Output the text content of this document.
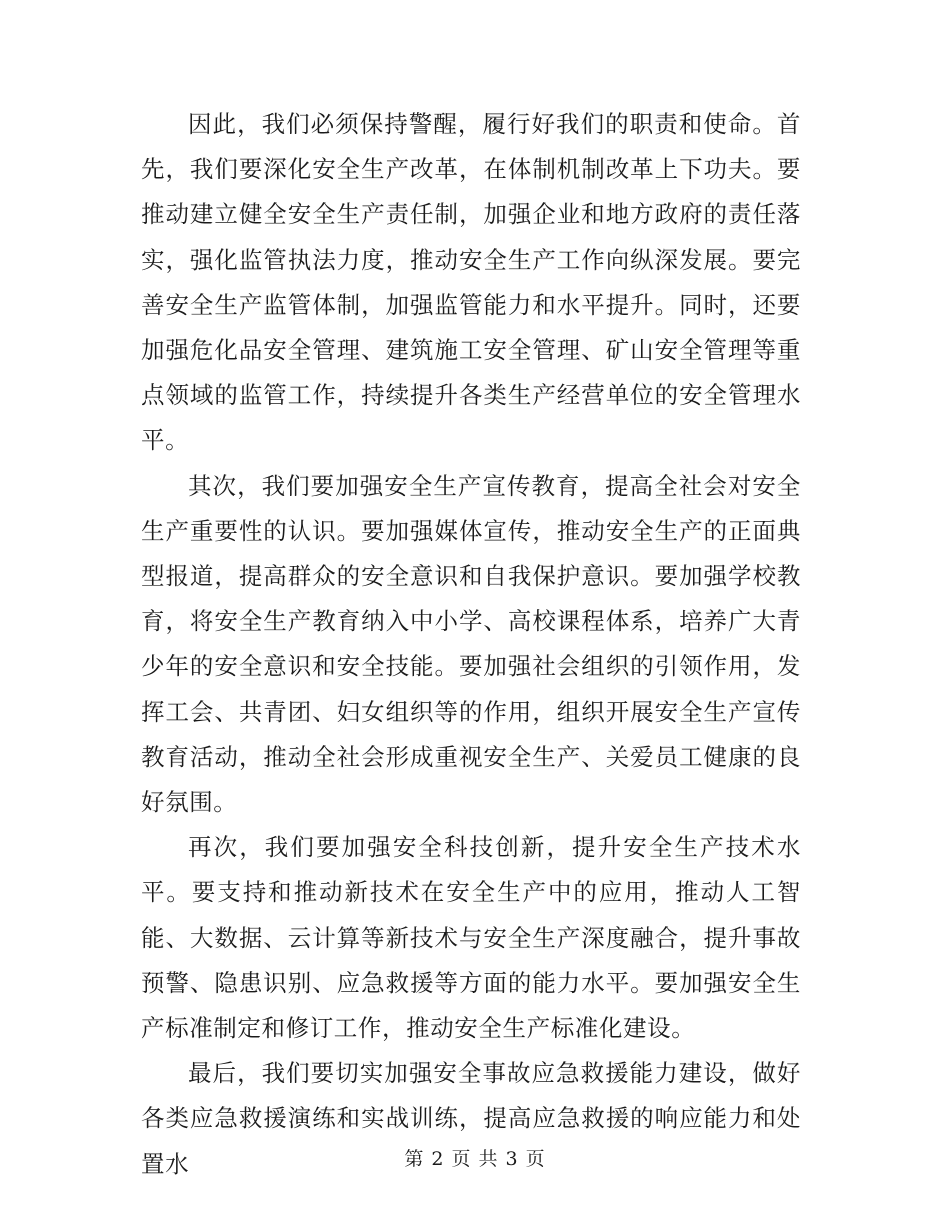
因此，我们必须保持警醒，履行好我们的职责和使命。首先，我们要深化安全生产改革，在体制机制改革上下功夫。要推动建立健全安全生产责任制，加强企业和地方政府的责任落实，强化监管执法力度，推动安全生产工作向纵深发展。要完善安全生产监管体制，加强监管能力和水平提升。同时，还要加强危化品安全管理、建筑施工安全管理、矿山安全管理等重点领域的监管工作，持续提升各类生产经营单位的安全管理水平。

其次，我们要加强安全生产宣传教育，提高全社会对安全生产重要性的认识。要加强媒体宣传，推动安全生产的正面典型报道，提高群众的安全意识和自我保护意识。要加强学校教育，将安全生产教育纳入中小学、高校课程体系，培养广大青少年的安全意识和安全技能。要加强社会组织的引领作用，发挥工会、共青团、妇女组织等的作用，组织开展安全生产宣传教育活动，推动全社会形成重视安全生产、关爱员工健康的良好氛围。

再次，我们要加强安全科技创新，提升安全生产技术水平。要支持和推动新技术在安全生产中的应用，推动人工智能、大数据、云计算等新技术与安全生产深度融合，提升事故预警、隐患识别、应急救援等方面的能力水平。要加强安全生产标准制定和修订工作，推动安全生产标准化建设。

最后，我们要切实加强安全事故应急救援能力建设，做好各类应急救援演练和实战训练，提高应急救援的响应能力和处置水	第 2 页 共 3 页
